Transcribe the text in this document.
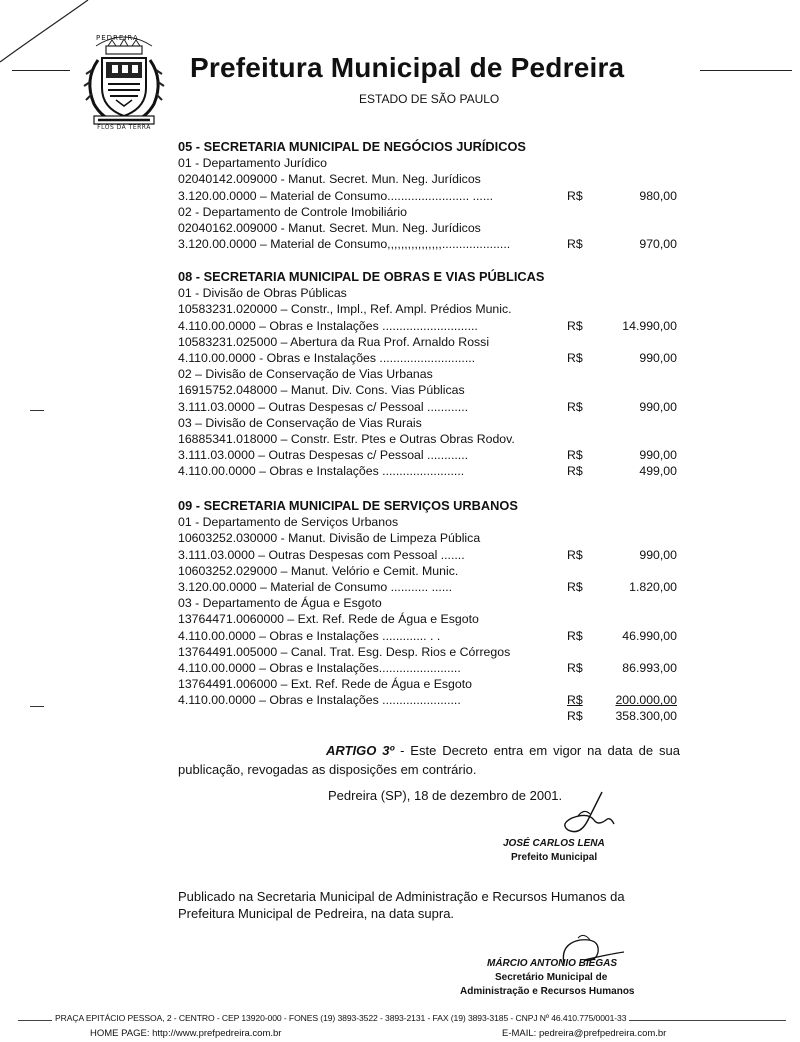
PEDREIRA
FLOS DA TERRA
Prefeitura Municipal de Pedreira
ESTADO DE SÃO PAULO
05 - SECRETARIA MUNICIPAL DE NEGÓCIOS JURÍDICOS
01 - Departamento Jurídico
02040142.009000 - Manut. Secret. Mun. Neg. Jurídicos
3.120.00.0000 – Material de Consumo........................ ......	R$	980,00
02 - Departamento de Controle Imobiliário
02040162.009000 - Manut. Secret. Mun. Neg. Jurídicos
3.120.00.0000 – Material de Consumo,,,,,,,,,,,,,,,,....................	R$	970,00
08 - SECRETARIA MUNICIPAL DE OBRAS E VIAS PÚBLICAS
01 - Divisão de Obras Públicas
10583231.020000 – Constr., Impl., Ref. Ampl. Prédios Munic.
4.110.00.0000 – Obras e Instalações ............................	R$	14.990,00
10583231.025000 – Abertura da Rua Prof. Arnaldo Rossi
4.110.00.0000 - Obras e Instalações ............................	R$	990,00
02 – Divisão de Conservação de Vias Urbanas
16915752.048000 – Manut. Div. Cons. Vias Públicas
3.111.03.0000 – Outras Despesas c/ Pessoal ............	R$	990,00
03 – Divisão de Conservação de Vias Rurais
16885341.018000 – Constr. Estr. Ptes e Outras Obras Rodov.
3.111.03.0000 – Outras Despesas c/ Pessoal ............	R$	990,00
4.110.00.0000 – Obras e Instalações ........................	R$	499,00
09 - SECRETARIA MUNICIPAL DE SERVIÇOS URBANOS
01 - Departamento de Serviços Urbanos
10603252.030000 - Manut. Divisão de Limpeza Pública
3.111.03.0000 – Outras Despesas com Pessoal .......	R$	990,00
10603252.029000 – Manut. Velório e Cemit. Munic.
3.120.00.0000 – Material de Consumo ........... ......	R$	1.820,00
03 - Departamento de Água e Esgoto
13764471.0060000 – Ext. Ref. Rede de Água e Esgoto
4.110.00.0000 – Obras e Instalações ............. . .	R$	46.990,00
13764491.005000 – Canal. Trat. Esg. Desp. Rios e Córregos
4.110.00.0000 – Obras e Instalações........................	R$	86.993,00
13764491.006000 – Ext. Ref. Rede de Água e Esgoto
4.110.00.0000 – Obras e Instalações .......................	R$	200.000,00
R$	358.300,00
ARTIGO 3º - Este Decreto entra em vigor na data de sua publicação, revogadas as disposições em contrário.
Pedreira (SP), 18 de dezembro de 2001.
JOSÉ CARLOS LENA
Prefeito Municipal
Publicado na Secretaria Municipal de Administração e Recursos Humanos da Prefeitura Municipal de Pedreira, na data supra.
MÁRCIO ANTONIO BIEGAS
Secretário Municipal de
Administração e Recursos Humanos
PRAÇA EPITÁCIO PESSOA, 2 - CENTRO - CEP 13920-000 - FONES (19) 3893-3522 - 3893-2131 - FAX (19) 3893-3185 - CNPJ Nº 46.410.775/0001-33
HOME PAGE: http://www.prefpedreira.com.br	E-MAIL: pedreira@prefpedreira.com.br
